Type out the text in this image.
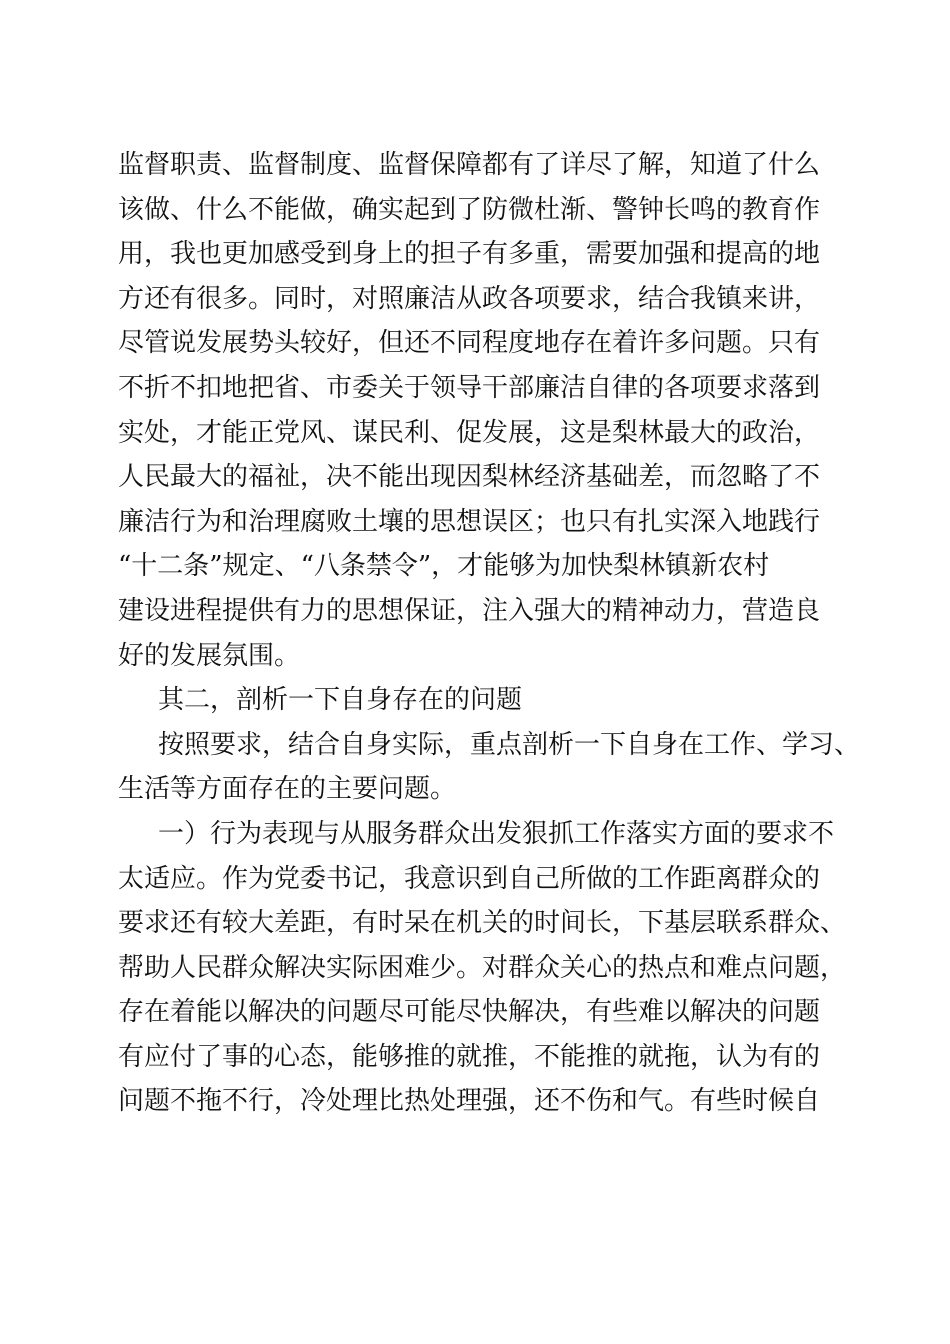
监督职责、监督制度、监督保障都有了详尽了解，知道了什么
该做、什么不能做，确实起到了防微杜渐、警钟长鸣的教育作
用，我也更加感受到身上的担子有多重，需要加强和提高的地
方还有很多。同时，对照廉洁从政各项要求，结合我镇来讲，
尽管说发展势头较好，但还不同程度地存在着许多问题。只有
不折不扣地把省、市委关于领导干部廉洁自律的各项要求落到
实处，才能正党风、谋民利、促发展，这是梨林最大的政治，
人民最大的福祉，决不能出现因梨林经济基础差，而忽略了不
廉洁行为和治理腐败土壤的思想误区；也只有扎实深入地践行
“十二条”规定、“八条禁令”，才能够为加快梨林镇新农村
建设进程提供有力的思想保证，注入强大的精神动力，营造良
好的发展氛围。
其二，剖析一下自身存在的问题
按照要求，结合自身实际，重点剖析一下自身在工作、学习、
生活等方面存在的主要问题。
一）行为表现与从服务群众出发狠抓工作落实方面的要求不
太适应。作为党委书记，我意识到自己所做的工作距离群众的
要求还有较大差距，有时呆在机关的时间长，下基层联系群众、
帮助人民群众解决实际困难少。对群众关心的热点和难点问题，
存在着能以解决的问题尽可能尽快解决，有些难以解决的问题
有应付了事的心态，能够推的就推，不能推的就拖，认为有的
问题不拖不行，冷处理比热处理强，还不伤和气。有些时候自
